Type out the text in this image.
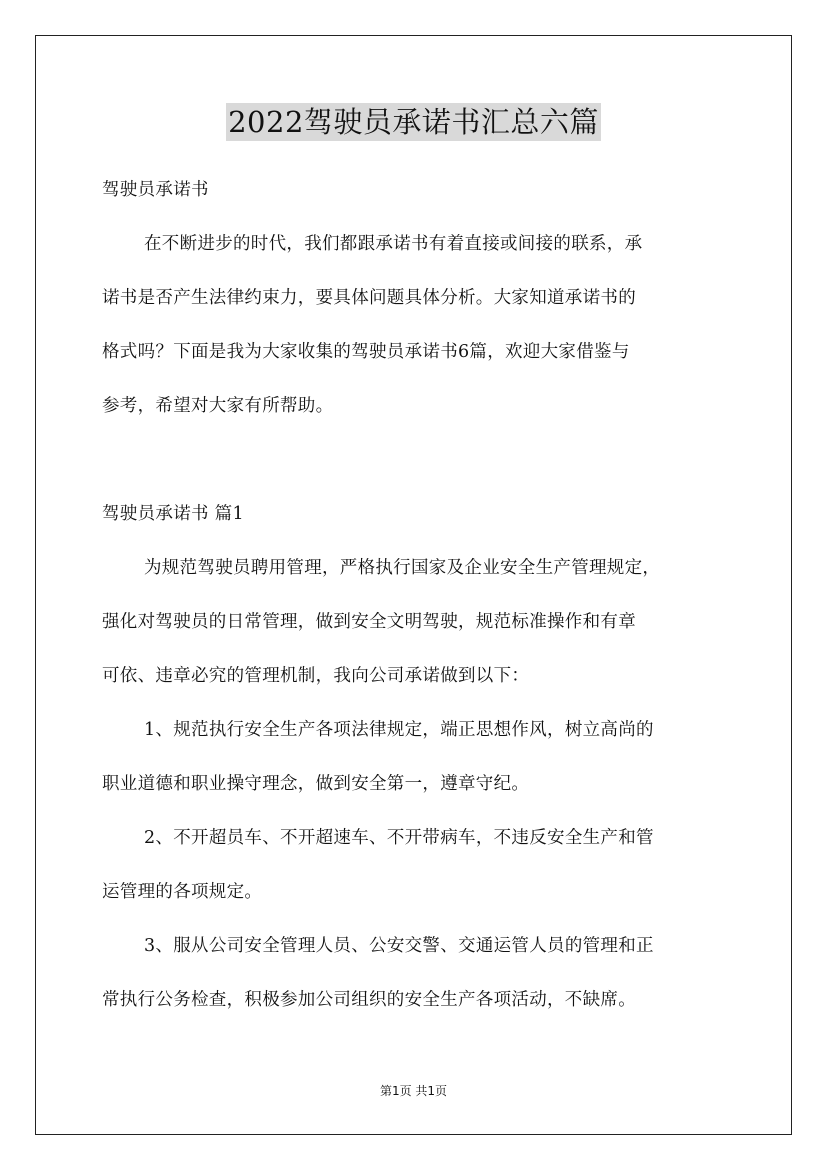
2022驾驶员承诺书汇总六篇
驾驶员承诺书
在不断进步的时代，我们都跟承诺书有着直接或间接的联系，承
诺书是否产生法律约束力，要具体问题具体分析。大家知道承诺书的
格式吗？下面是我为大家收集的驾驶员承诺书6篇，欢迎大家借鉴与
参考，希望对大家有所帮助。
驾驶员承诺书 篇1
为规范驾驶员聘用管理，严格执行国家及企业安全生产管理规定，
强化对驾驶员的日常管理，做到安全文明驾驶，规范标准操作和有章
可依、违章必究的管理机制，我向公司承诺做到以下：
1、规范执行安全生产各项法律规定，端正思想作风，树立高尚的
职业道德和职业操守理念，做到安全第一，遵章守纪。
2、不开超员车、不开超速车、不开带病车，不违反安全生产和管
运管理的各项规定。
3、服从公司安全管理人员、公安交警、交通运管人员的管理和正
常执行公务检查，积极参加公司组织的安全生产各项活动，不缺席。
第1页 共1页
